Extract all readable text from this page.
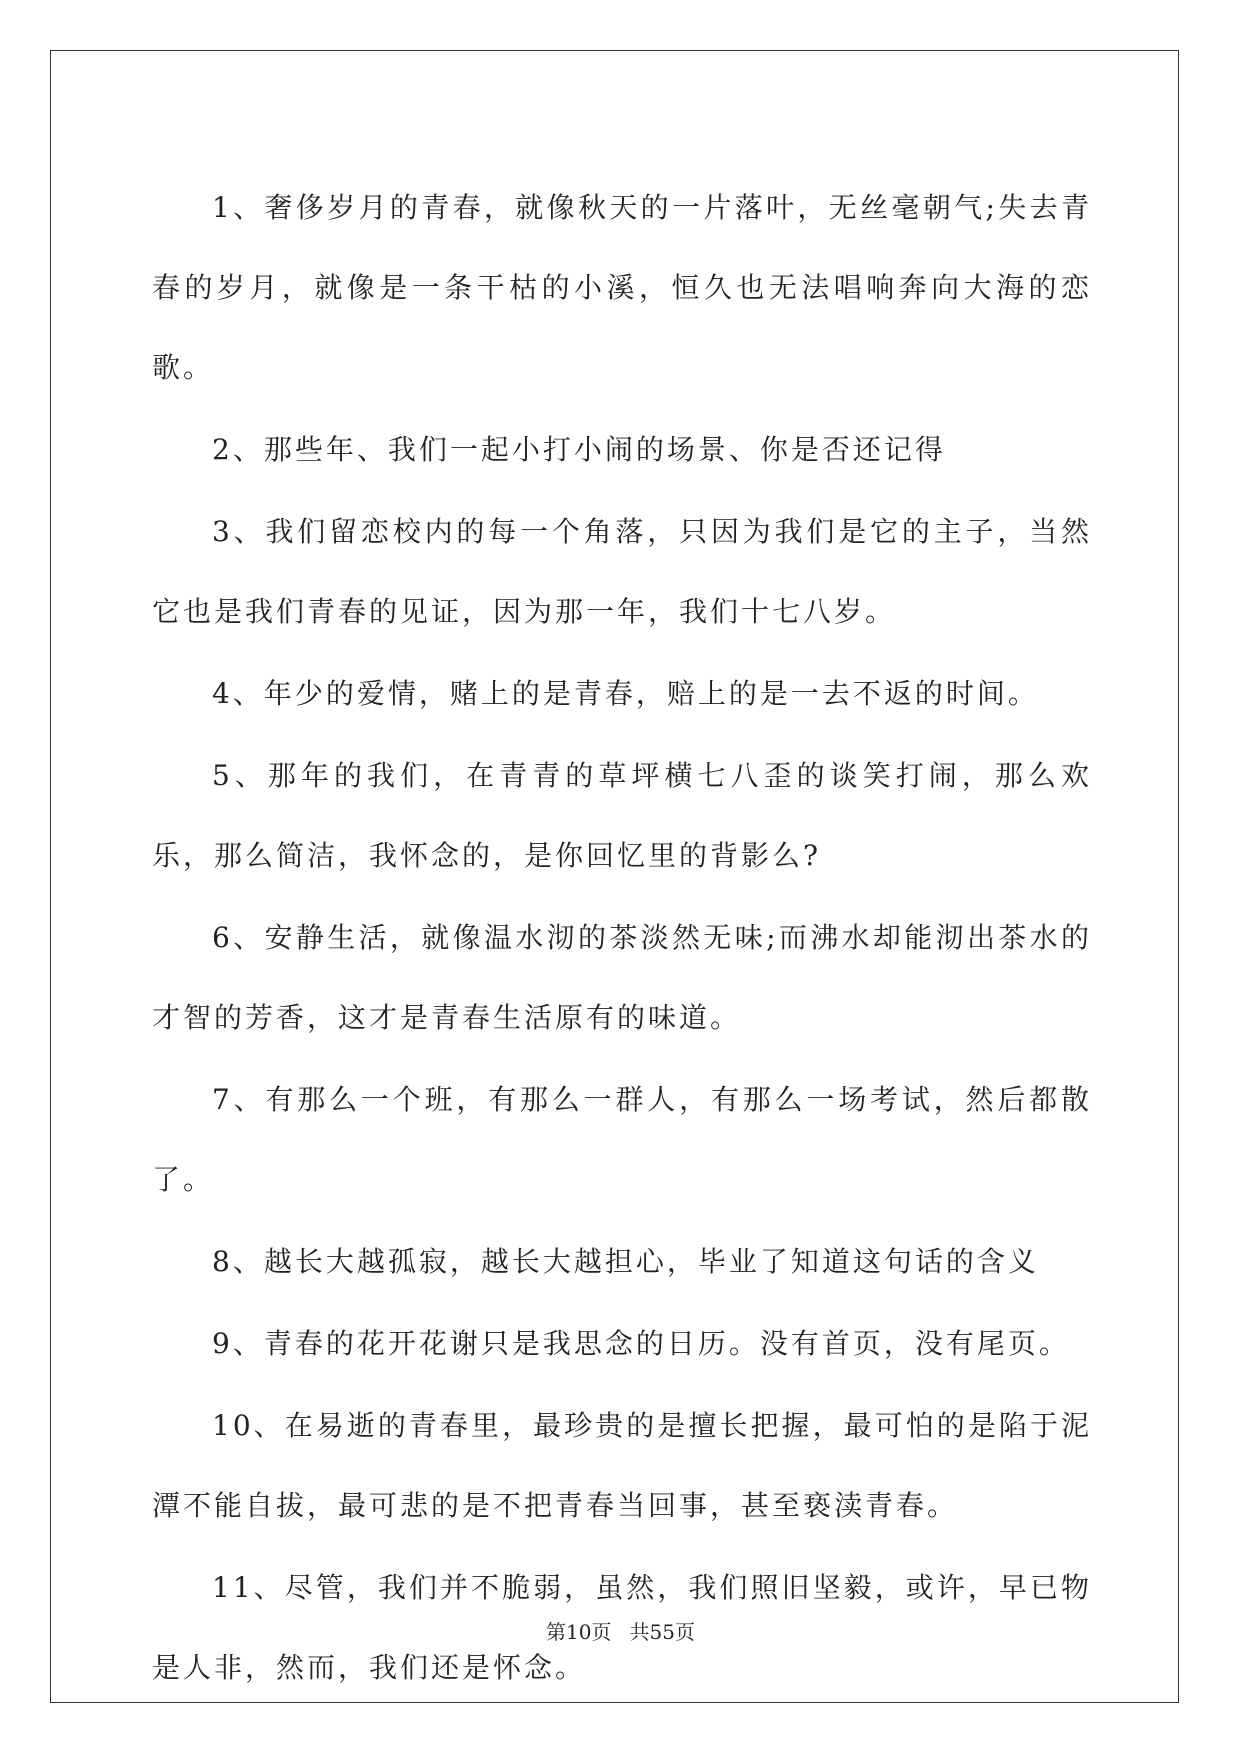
1、奢侈岁月的青春，就像秋天的一片落叶，无丝毫朝气;失去青春的岁月，就像是一条干枯的小溪，恒久也无法唱响奔向大海的恋歌。

2、那些年、我们一起小打小闹的场景、你是否还记得

3、我们留恋校内的每一个角落，只因为我们是它的主子，当然它也是我们青春的见证，因为那一年，我们十七八岁。

4、年少的爱情，赌上的是青春，赔上的是一去不返的时间。

5、那年的我们，在青青的草坪横七八歪的谈笑打闹，那么欢乐，那么简洁，我怀念的，是你回忆里的背影么?

6、安静生活，就像温水沏的茶淡然无味;而沸水却能沏出茶水的才智的芳香，这才是青春生活原有的味道。

7、有那么一个班，有那么一群人，有那么一场考试，然后都散了。

8、越长大越孤寂，越长大越担心，毕业了知道这句话的含义

9、青春的花开花谢只是我思念的日历。没有首页，没有尾页。

10、在易逝的青春里，最珍贵的是擅长把握，最可怕的是陷于泥潭不能自拔，最可悲的是不把青春当回事，甚至亵渎青春。

11、尽管，我们并不脆弱，虽然，我们照旧坚毅，或许，早已物是人非，然而，我们还是怀念。

第10页 共55页
